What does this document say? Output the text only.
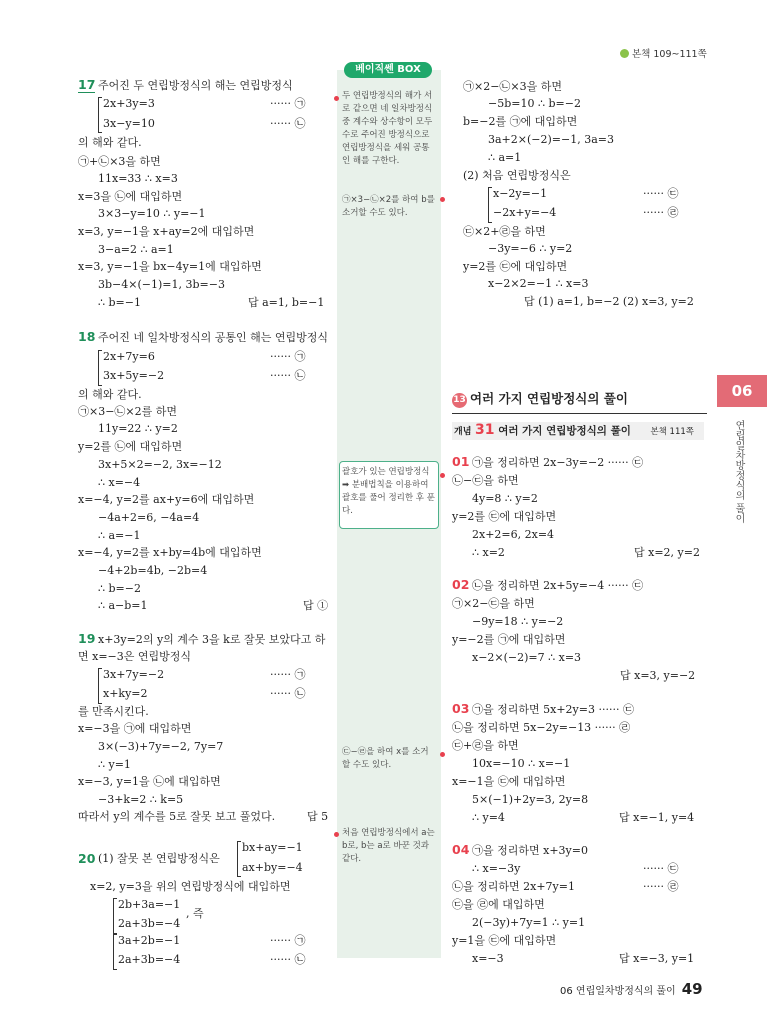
본책 109~111쪽
베이직쎈 BOX
17 주어진 두 연립방정식의 해는 연립방정식
2x+3y=3	······ ㉠
3x−y=10	······ ㉡
의 해와 같다.
㉠+㉡×3을 하면
11x=33 ∴ x=3
x=3을 ㉡에 대입하면
3×3−y=10 ∴ y=−1
x=3, y=−1을 x+ay=2에 대입하면
3−a=2 ∴ a=1
x=3, y=−1을 bx−4y=1에 대입하면
3b−4×(−1)=1, 3b=−3
∴ b=−1	답 a=1, b=−1
18 주어진 네 일차방정식의 공통인 해는 연립방정식
2x+7y=6	······ ㉠
3x+5y=−2	······ ㉡
의 해와 같다.
㉠×3−㉡×2를 하면
11y=22 ∴ y=2
y=2를 ㉡에 대입하면
3x+5×2=−2, 3x=−12
∴ x=−4
x=−4, y=2를 ax+y=6에 대입하면
−4a+2=6, −4a=4
∴ a=−1
x=−4, y=2를 x+by=4b에 대입하면
−4+2b=4b, −2b=4
∴ b=−2
∴ a−b=1	답 ①
19 x+3y=2의 y의 계수 3을 k로 잘못 보았다고 하
면 x=−3은 연립방정식
3x+7y=−2	······ ㉠
x+ky=2	······ ㉡
를 만족시킨다.
x=−3을 ㉠에 대입하면
3×(−3)+7y=−2, 7y=7
∴ y=1
x=−3, y=1을 ㉡에 대입하면
−3+k=2 ∴ k=5
따라서 y의 계수를 5로 잘못 보고 풀었다.	답 5
20 (1) 잘못 본 연립방정식은
bx+ay=−1
ax+by=−4
x=2, y=3을 위의 연립방정식에 대입하면
2b+3a=−1
2a+3b=−4
, 즉
3a+2b=−1	······ ㉠
2a+3b=−4	······ ㉡
두 연립방정식의 해가 서로 같으면 네 일차방정식 중 계수와 상수항이 모두 수로 주어진 방정식으로 연립방정식을 세워 공통인 해를 구한다.
㉠×3−㉡×2를 하여 b를 소거할 수도 있다.
괄호가 있는 연립방정식 ➡ 분배법칙을 이용하여 괄호를 풀어 정리한 후 푼다.
㉢−㉣을 하여 x를 소거할 수도 있다.
처음 연립방정식에서 a는 b로, b는 a로 바꾼 것과 같다.
㉠×2−㉡×3을 하면
−5b=10 ∴ b=−2
b=−2를 ㉠에 대입하면
3a+2×(−2)=−1, 3a=3
∴ a=1
(2) 처음 연립방정식은
x−2y=−1	······ ㉢
−2x+y=−4	······ ㉣
㉢×2+㉣을 하면
−3y=−6 ∴ y=2
y=2를 ㉢에 대입하면
x−2×2=−1 ∴ x=3
답 (1) a=1, b=−2 (2) x=3, y=2
01 ㉠을 정리하면 2x−3y=−2 ······ ㉢
㉡−㉢을 하면
4y=8 ∴ y=2
y=2를 ㉢에 대입하면
∴ x=2	답 x=2, y=2
02 ㉡을 정리하면 2x+5y=−4 ······ ㉢
㉠×2−㉢을 하면
−9y=18 ∴ y=−2
y=−2를 ㉠에 대입하면
x−2×(−2)=7 ∴ x=3
답 x=3, y=−2
03 ㉠을 정리하면 5x+2y=3 ······ ㉢
㉡을 정리하면 5x−2y=−13 ······ ㉣
㉢+㉣을 하면
10x=−10 ∴ x=−1
x=−1을 ㉢에 대입하면
5×(−1)+2y=3, 2y=8
∴ y=4	답 x=−1, y=4
04 ㉠을 정리하면 x+3y=0
∴ x=−3y	······ ㉢
㉡을 정리하면 2x+7y=1	······ ㉣
㉢을 ㉣에 대입하면
2(−3y)+7y=1 ∴ y=1
y=1을 ㉢에 대입하면
x=−3	답 x=−3, y=1
13 여러 가지 연립방정식의 풀이
개념 31 여러 가지 연립방정식의 풀이 본책 111쪽
2x+2=6, 2x=4
06
연립일차방정식의 풀이
06 연립일차방정식의 풀이 49
